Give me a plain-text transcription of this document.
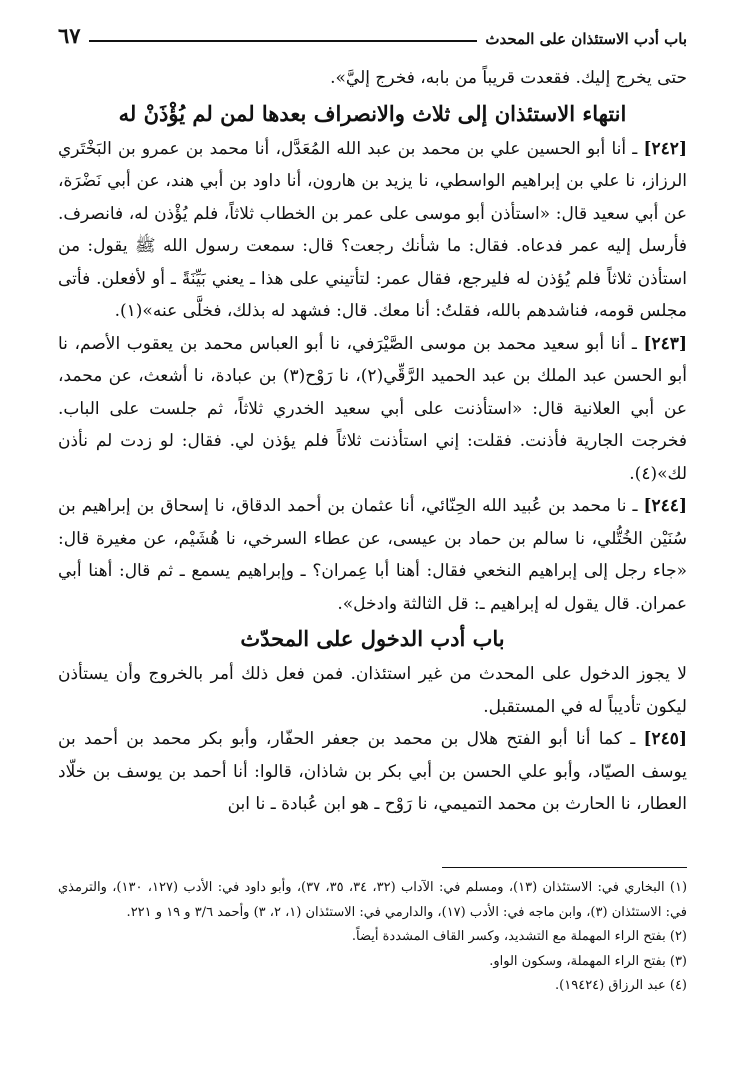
باب أدب الاستئذان على المحدث
٦٧

حتى يخرج إليك. فقعدت قريباً من بابه، فخرج إليَّ».

انتهاء الاستئذان إلى ثلاث والانصراف بعدها لمن لم يُؤْذَنْ له

[٢٤٢] ـ أنا أبو الحسين علي بن محمد بن عبد الله المُعَدَّل، أنا محمد بن عمرو بن البَخْتَري الرزاز، نا علي بن إبراهيم الواسطي، نا يزيد بن هارون، أنا داود بن أبي هند، عن أبي نَضْرَة، عن أبي سعيد قال: «استأذن أبو موسى على عمر بن الخطاب ثلاثاً، فلم يُؤْذن له، فانصرف. فأرسل إليه عمر فدعاه. فقال: ما شأنك رجعت؟ قال: سمعت رسول الله ﷺ يقول: من استأذن ثلاثاً فلم يُؤذن له فليرجع، فقال عمر: لتأتيني على هذا ـ يعني بَيِّنَةً ـ أو لأفعلن. فأتى مجلس قومه، فناشدهم بالله، فقلتُ: أنا معك. قال: فشهد له بذلك، فخلَّى عنه»(١).

[٢٤٣] ـ أنا أبو سعيد محمد بن موسى الصَّيْرَفي، نا أبو العباس محمد بن يعقوب الأصم، نا أبو الحسن عبد الملك بن عبد الحميد الرَّقِّي(٢)، نا رَوْح(٣) بن عبادة، نا أشعث، عن محمد، عن أبي العلانية قال: «استأذنت على أبي سعيد الخدري ثلاثاً، ثم جلست على الباب. فخرجت الجارية فأذنت. فقلت: إني استأذنت ثلاثاً فلم يؤذن لي. فقال: لو زدت لم نأذن لك»(٤).

[٢٤٤] ـ نا محمد بن عُبيد الله الحِنّائي، أنا عثمان بن أحمد الدقاق، نا إسحاق بن إبراهيم بن سُنَيْن الخُتُّلي، نا سالم بن حماد بن عيسى، عن عطاء السرخي، نا هُشَيْم، عن مغيرة قال: «جاء رجل إلى إبراهيم النخعي فقال: أهنا أبا عِمران؟ ـ وإبراهيم يسمع ـ ثم قال: أهنا أبي عمران. قال يقول له إبراهيم ـ: قل الثالثة وادخل».

باب أدب الدخول على المحدّث

لا يجوز الدخول على المحدث من غير استئذان. فمن فعل ذلك أمر بالخروج وأن يستأذن ليكون تأديباً له في المستقبل.

[٢٤٥] ـ كما أنا أبو الفتح هلال بن محمد بن جعفر الحفّار، وأبو بكر محمد بن أحمد بن يوسف الصيّاد، وأبو علي الحسن بن أبي بكر بن شاذان، قالوا: أنا أحمد بن يوسف بن خلّاد العطار، نا الحارث بن محمد التميمي، نا رَوْح ـ هو ابن عُبادة ـ نا ابن

(١) البخاري في: الاستئذان (١٣)، ومسلم في: الآداب (٣٢، ٣٤، ٣٥، ٣٧)، وأبو داود في: الأدب (١٢٧، ١٣٠)، والترمذي في: الاستئذان (٣)، وابن ماجه في: الأدب (١٧)، والدارمي في: الاستئذان (١، ٢، ٣) وأحمد ٣/٦ و ١٩ و ٢٢١.

(٢) بفتح الراء المهملة مع التشديد، وكسر القاف المشددة أيضاً.

(٣) بفتح الراء المهملة، وسكون الواو.

(٤) عبد الرزاق (١٩٤٢٤).
